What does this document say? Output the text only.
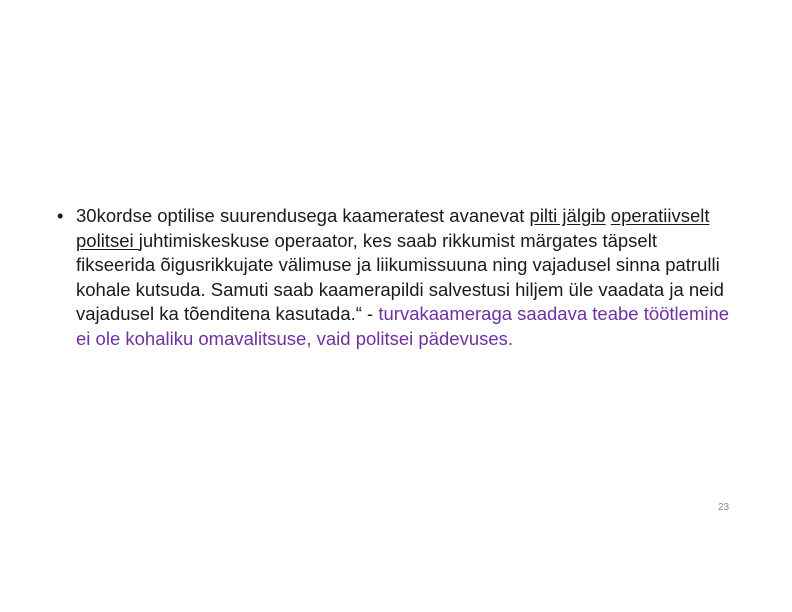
• 30kordse optilise suurendusega kaameratest avanevat pilti jälgib operatiivselt politsei juhtimiskeskuse operaator, kes saab rikkumist märgates täpselt fikseerida õigusrikkujate välimuse ja liikumissuuna ning vajadusel sinna patrulli kohale kutsuda. Samuti saab kaamerapildi salvestusi hiljem üle vaadata ja neid vajadusel ka tõenditena kasutada.“ - turvakaameraga saadava teabe töötlemine ei ole kohaliku omavalitsuse, vaid politsei pädevuses.
23
